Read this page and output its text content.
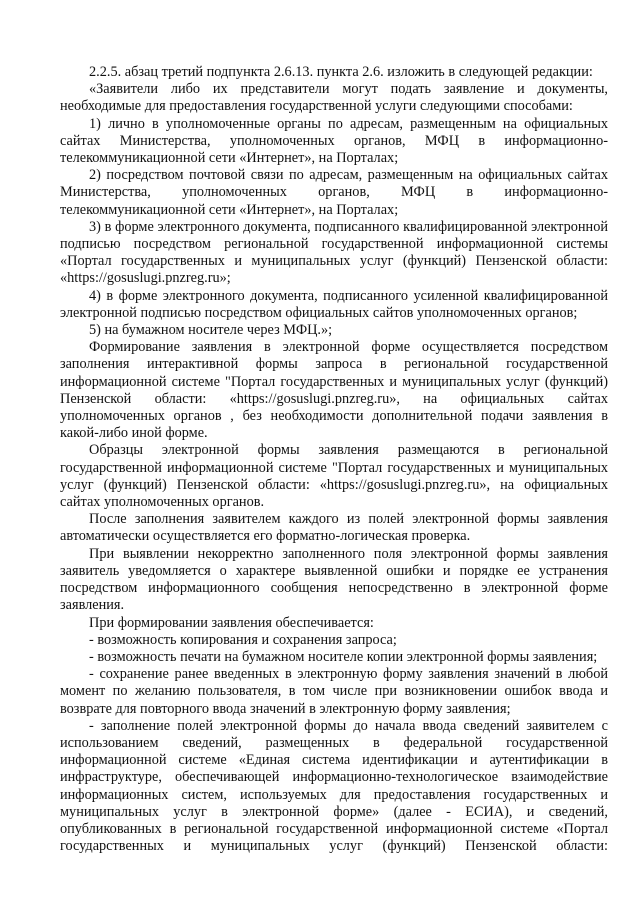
2.2.5. абзац третий подпункта 2.6.13. пункта 2.6. изложить в следующей редакции:

«Заявители либо их представители могут подать заявление и документы, необходимые для предоставления государственной услуги следующими способами:

1) лично в уполномоченные органы по адресам, размещенным на официальных сайтах Министерства, уполномоченных органов, МФЦ в информационно-телекоммуникационной сети «Интернет», на Порталах;

2) посредством почтовой связи по адресам, размещенным на официальных сайтах Министерства, уполномоченных органов, МФЦ в информационно-телекоммуникационной сети «Интернет», на Порталах;

3) в форме электронного документа, подписанного квалифицированной электронной подписью посредством региональной государственной информационной системы «Портал государственных и муниципальных услуг (функций) Пензенской области: «https://gosuslugi.pnzreg.ru»;

4) в форме электронного документа, подписанного усиленной квалифицированной электронной подписью посредством официальных сайтов уполномоченных органов;

5) на бумажном носителе через МФЦ.»;

Формирование заявления в электронной форме осуществляется посредством заполнения интерактивной формы запроса в региональной государственной информационной системе "Портал государственных и муниципальных услуг (функций) Пензенской области: «https://gosuslugi.pnzreg.ru», на официальных сайтах уполномоченных органов , без необходимости дополнительной подачи заявления в какой-либо иной форме.

Образцы электронной формы заявления размещаются в региональной государственной информационной системе "Портал государственных и муниципальных услуг (функций) Пензенской области: «https://gosuslugi.pnzreg.ru», на официальных сайтах уполномоченных органов.

После заполнения заявителем каждого из полей электронной формы заявления автоматически осуществляется его форматно-логическая проверка.

При выявлении некорректно заполненного поля электронной формы заявления заявитель уведомляется о характере выявленной ошибки и порядке ее устранения посредством информационного сообщения непосредственно в электронной форме заявления.

При формировании заявления обеспечивается:

- возможность копирования и сохранения запроса;

- возможность печати на бумажном носителе копии электронной формы заявления;

- сохранение ранее введенных в электронную форму заявления значений в любой момент по желанию пользователя, в том числе при возникновении ошибок ввода и возврате для повторного ввода значений в электронную форму заявления;

- заполнение полей электронной формы до начала ввода сведений заявителем с использованием сведений, размещенных в федеральной государственной информационной системе «Единая система идентификации и аутентификации в инфраструктуре, обеспечивающей информационно-технологическое взаимодействие информационных систем, используемых для предоставления государственных и муниципальных услуг в электронной форме» (далее - ЕСИА), и сведений, опубликованных в региональной государственной информационной системе «Портал государственных и муниципальных услуг (функций) Пензенской области:
